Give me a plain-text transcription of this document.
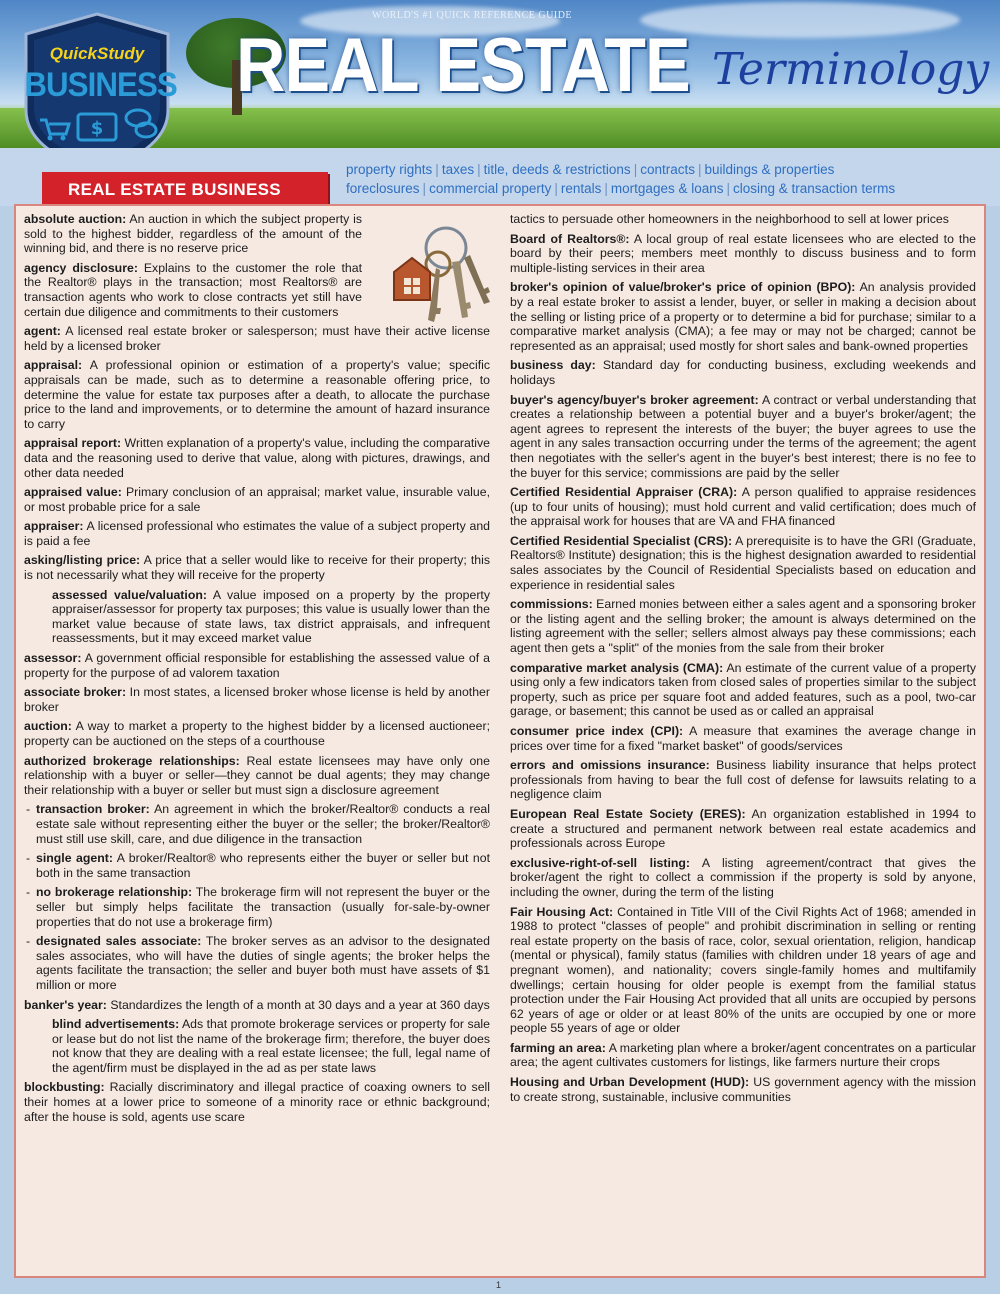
WORLD'S #1 QUICK REFERENCE GUIDE
REAL ESTATE Terminology
$
QuickStudy
BUSINESS
REAL ESTATE BUSINESS
property rights | taxes | title, deeds & restrictions | contracts | buildings & properties
foreclosures | commercial property | rentals | mortgages & loans | closing & transaction terms
absolute auction: An auction in which the subject property is sold to the highest bidder, regardless of the amount of the winning bid, and there is no reserve price
agency disclosure: Explains to the customer the role that the Realtor® plays in the transaction; most Realtors® are transaction agents who work to close contracts yet still have certain due diligence and commitments to their customers
agent: A licensed real estate broker or salesperson; must have their active license held by a licensed broker
appraisal: A professional opinion or estimation of a property's value; specific appraisals can be made, such as to determine a reasonable offering price, to determine the value for estate tax purposes after a death, to allocate the purchase price to the land and improvements, or to determine the amount of hazard insurance to carry
appraisal report: Written explanation of a property's value, including the comparative data and the reasoning used to derive that value, along with pictures, drawings, and other data needed
appraised value: Primary conclusion of an appraisal; market value, insurable value, or most probable price for a sale
appraiser: A licensed professional who estimates the value of a subject property and is paid a fee
asking/listing price: A price that a seller would like to receive for their property; this is not necessarily what they will receive for the property
assessed value/valuation: A value imposed on a property by the property appraiser/assessor for property tax purposes; this value is usually lower than the market value because of state laws, tax district appraisals, and infrequent reassessments, but it may exceed market value
assessor: A government official responsible for establishing the assessed value of a property for the purpose of ad valorem taxation
associate broker: In most states, a licensed broker whose license is held by another broker
auction: A way to market a property to the highest bidder by a licensed auctioneer; property can be auctioned on the steps of a courthouse
authorized brokerage relationships: Real estate licensees may have only one relationship with a buyer or seller—they cannot be dual agents; they may change their relationship with a buyer or seller but must sign a disclosure agreement
- transaction broker: An agreement in which the broker/Realtor® conducts a real estate sale without representing either the buyer or the seller; the broker/Realtor® must still use skill, care, and due diligence in the transaction
- single agent: A broker/Realtor® who represents either the buyer or seller but not both in the same transaction
- no brokerage relationship: The brokerage firm will not represent the buyer or the seller but simply helps facilitate the transaction (usually for-sale-by-owner properties that do not use a brokerage firm)
- designated sales associate: The broker serves as an advisor to the designated sales associates, who will have the duties of single agents; the broker helps the agents facilitate the transaction; the seller and buyer both must have assets of $1 million or more
banker's year: Standardizes the length of a month at 30 days and a year at 360 days
blind advertisements: Ads that promote brokerage services or property for sale or lease but do not list the name of the brokerage firm; therefore, the buyer does not know that they are dealing with a real estate licensee; the full, legal name of the agent/firm must be displayed in the ad as per state laws
blockbusting: Racially discriminatory and illegal practice of coaxing owners to sell their homes at a lower price to someone of a minority race or ethnic background; after the house is sold, agents use scare
tactics to persuade other homeowners in the neighborhood to sell at lower prices
Board of Realtors®: A local group of real estate licensees who are elected to the board by their peers; members meet monthly to discuss business and to form multiple-listing services in their area
broker's opinion of value/broker's price of opinion (BPO): An analysis provided by a real estate broker to assist a lender, buyer, or seller in making a decision about the selling or listing price of a property or to determine a bid for purchase; similar to a comparative market analysis (CMA); a fee may or may not be charged; cannot be represented as an appraisal; used mostly for short sales and bank-owned properties
business day: Standard day for conducting business, excluding weekends and holidays
buyer's agency/buyer's broker agreement: A contract or verbal understanding that creates a relationship between a potential buyer and a buyer's broker/agent; the agent agrees to represent the interests of the buyer; the buyer agrees to use the agent in any sales transaction occurring under the terms of the agreement; the agent then negotiates with the seller's agent in the buyer's best interest; there is no fee to the buyer for this service; commissions are paid by the seller
Certified Residential Appraiser (CRA): A person qualified to appraise residences (up to four units of housing); must hold current and valid certification; does much of the appraisal work for houses that are VA and FHA financed
Certified Residential Specialist (CRS): A prerequisite is to have the GRI (Graduate, Realtors® Institute) designation; this is the highest designation awarded to residential sales associates by the Council of Residential Specialists based on education and experience in residential sales
commissions: Earned monies between either a sales agent and a sponsoring broker or the listing agent and the selling broker; the amount is always determined on the listing agreement with the seller; sellers almost always pay these commissions; each agent then gets a "split" of the monies from the sale from their broker
comparative market analysis (CMA): An estimate of the current value of a property using only a few indicators taken from closed sales of properties similar to the subject property, such as price per square foot and added features, such as a pool, two-car garage, or basement; this cannot be used as or called an appraisal
consumer price index (CPI): A measure that examines the average change in prices over time for a fixed "market basket" of goods/services
errors and omissions insurance: Business liability insurance that helps protect professionals from having to bear the full cost of defense for lawsuits relating to a negligence claim
European Real Estate Society (ERES): An organization established in 1994 to create a structured and permanent network between real estate academics and professionals across Europe
exclusive-right-of-sell listing: A listing agreement/contract that gives the broker/agent the right to collect a commission if the property is sold by anyone, including the owner, during the term of the listing
Fair Housing Act: Contained in Title VIII of the Civil Rights Act of 1968; amended in 1988 to protect "classes of people" and prohibit discrimination in selling or renting real estate property on the basis of race, color, sexual orientation, religion, handicap (mental or physical), family status (families with children under 18 years of age and pregnant women), and nationality; covers single-family homes and multifamily dwellings; certain housing for older people is exempt from the familial status protection under the Fair Housing Act provided that all units are occupied by persons 62 years of age or older or at least 80% of the units are occupied by one or more people 55 years of age or older
farming an area: A marketing plan where a broker/agent concentrates on a particular area; the agent cultivates customers for listings, like farmers nurture their crops
Housing and Urban Development (HUD): US government agency with the mission to create strong, sustainable, inclusive communities
1
